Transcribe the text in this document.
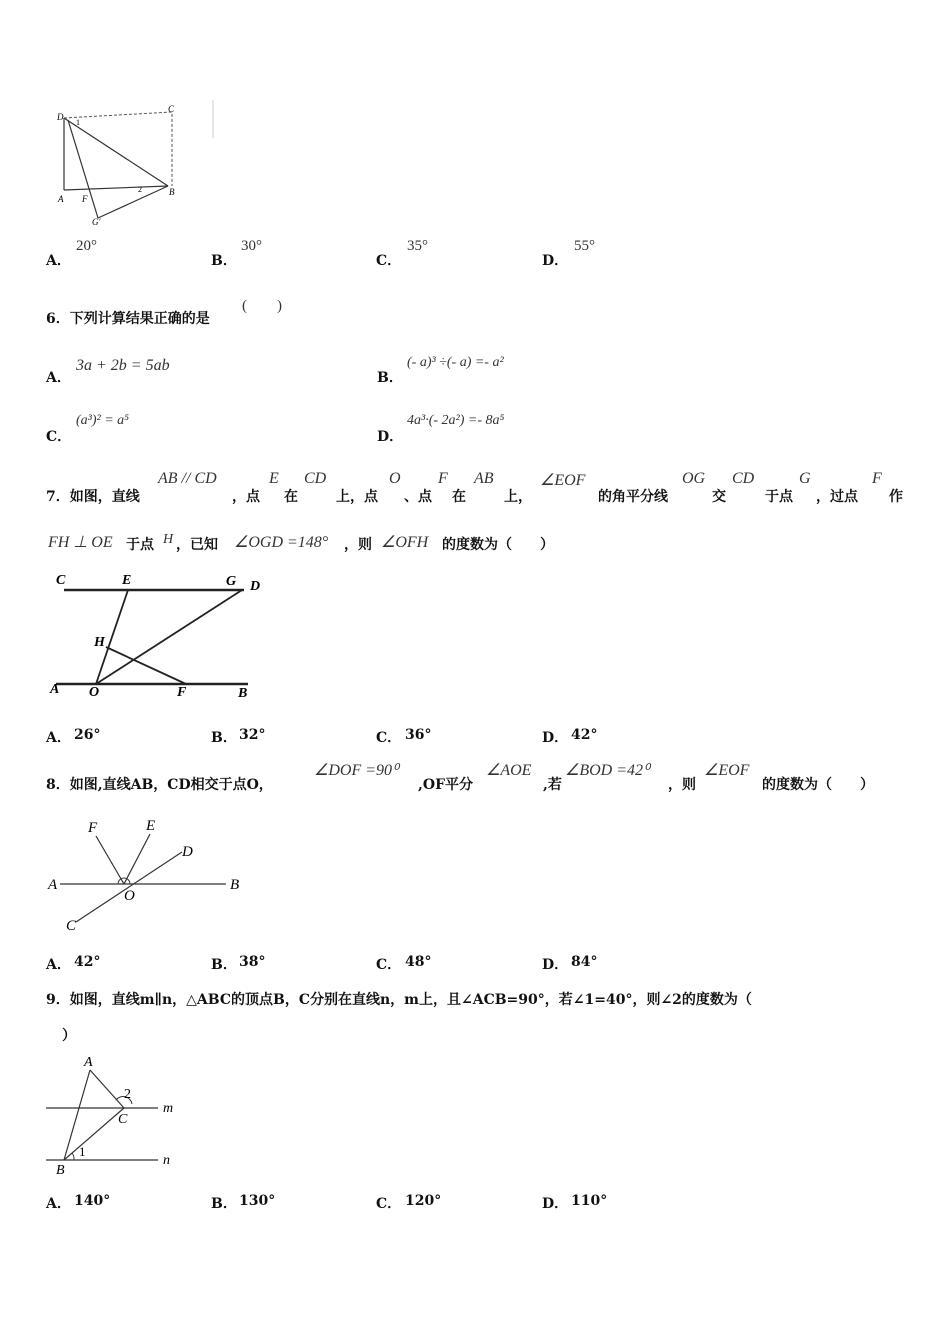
D
C
A F
B
G'
1
2
A．
20°
B．
30°
C．
35°
D．
55°
6．下列计算结果正确的是
(　　)
A．
3a + 2b = 5ab
B．
(- a)³ ÷(- a) =- a²
C．
(a³)² = a⁵
D．
4a³·(- 2a²) =- 8a⁵
7．如图，直线
AB // CD
，点
E
在
CD
上，点
O
、点
F
在
AB
上，
∠EOF
的角平分线
OG
交
CD
于点
G
，过点
F
作
FH ⊥ OE 于点 H ，已知 ∠OGD =148° ，则 ∠OFH 的度数为（　　）
C	E	G D
H
A O	F	B
A． 26°	B． 32°	C． 36°	D． 42°
8．如图,直线AB，CD相交于点O，
∠DOF =90⁰
,OF平分
∠AOE
,若
∠BOD =42⁰
，则
∠EOF
的度数为（　　）
F	E
D
A
O
B
C
A． 42°	B． 38°	C． 48°	D． 84°
9．如图，直线m∥n，△ABC的顶点B，C分别在直线n，m上，且∠ACB=90°，若∠1=40°，则∠2的度数为（
）
A
2
C
m
B
1
n
A． 140°	B． 130°	C． 120°	D． 110°
